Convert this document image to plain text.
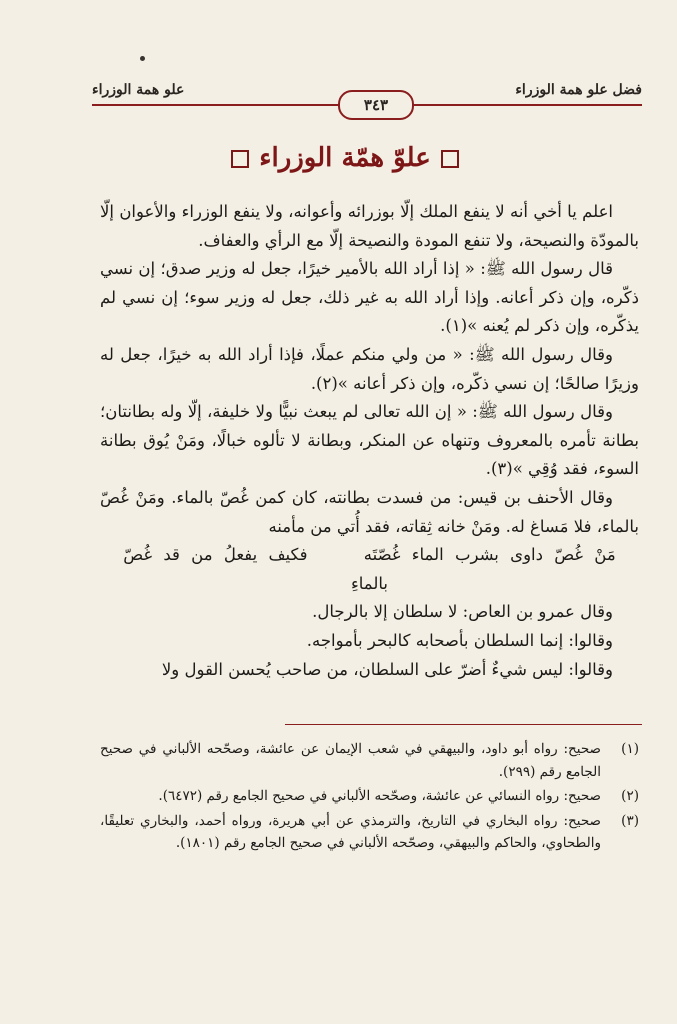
فضل علو همة الوزراء
علو همة الوزراء
٣٤٣
علوّ همّة الوزراء

اعلم يا أخي أنه لا ينفع الملك إلّا بوزرائه وأعوانه، ولا ينفع الوزراء والأعوان إلّا بالمودّة والنصيحة، ولا تنفع المودة والنصيحة إلّا مع الرأي والعفاف.

قال رسول الله ﷺ: « إذا أراد الله بالأمير خيرًا، جعل له وزير صدق؛ إن نسي ذكّره، وإن ذكر أعانه. وإذا أراد الله به غير ذلك، جعل له وزير سوء؛ إن نسي لم يذكّره، وإن ذكر لم يُعنه »(١).

وقال رسول الله ﷺ: « من ولي منكم عملًا، فإذا أراد الله به خيرًا، جعل له وزيرًا صالحًا؛ إن نسي ذكّره، وإن ذكر أعانه »(٢).

وقال رسول الله ﷺ: « إن الله تعالى لم يبعث نبيًّا ولا خليفة، إلّا وله بطانتان؛ بطانة تأمره بالمعروف وتنهاه عن المنكر، وبطانة لا تألوه خبالًا، ومَنْ يُوق بطانة السوء، فقد وُقِي »(٣).

وقال الأحنف بن قيس: من فسدت بطانته، كان كمن غُصّ بالماء. ومَنْ غُصّ بالماء، فلا مَساغ له. ومَنْ خانه ثِقاته، فقد أُتي من مأمنه

مَنْ غُصّ داوى بشرب الماء غُصّتَه     فكيف يفعلُ من قد غُصّ بالماءِ

وقال عمرو بن العاص: لا سلطان إلا بالرجال.

وقالوا: إنما السلطان بأصحابه كالبحر بأمواجه.

وقالوا: ليس شيءٌ أضرّ على السلطان، من صاحب يُحسن القول ولا

(١)
صحيح: رواه أبو داود، والبيهقي في شعب الإيمان عن عائشة، وصحّحه الألباني في صحيح الجامع رقم (٢٩٩).
(٢)
صحيح: رواه النسائي عن عائشة، وصحّحه الألباني في صحيح الجامع رقم (٦٤٧٢).
(٣)
صحيح: رواه البخاري في التاريخ، والترمذي عن أبي هريرة، ورواه أحمد، والبخاري تعليقًا، والطحاوي، والحاكم والبيهقي، وصحّحه الألباني في صحيح الجامع رقم (١٨٠١).
